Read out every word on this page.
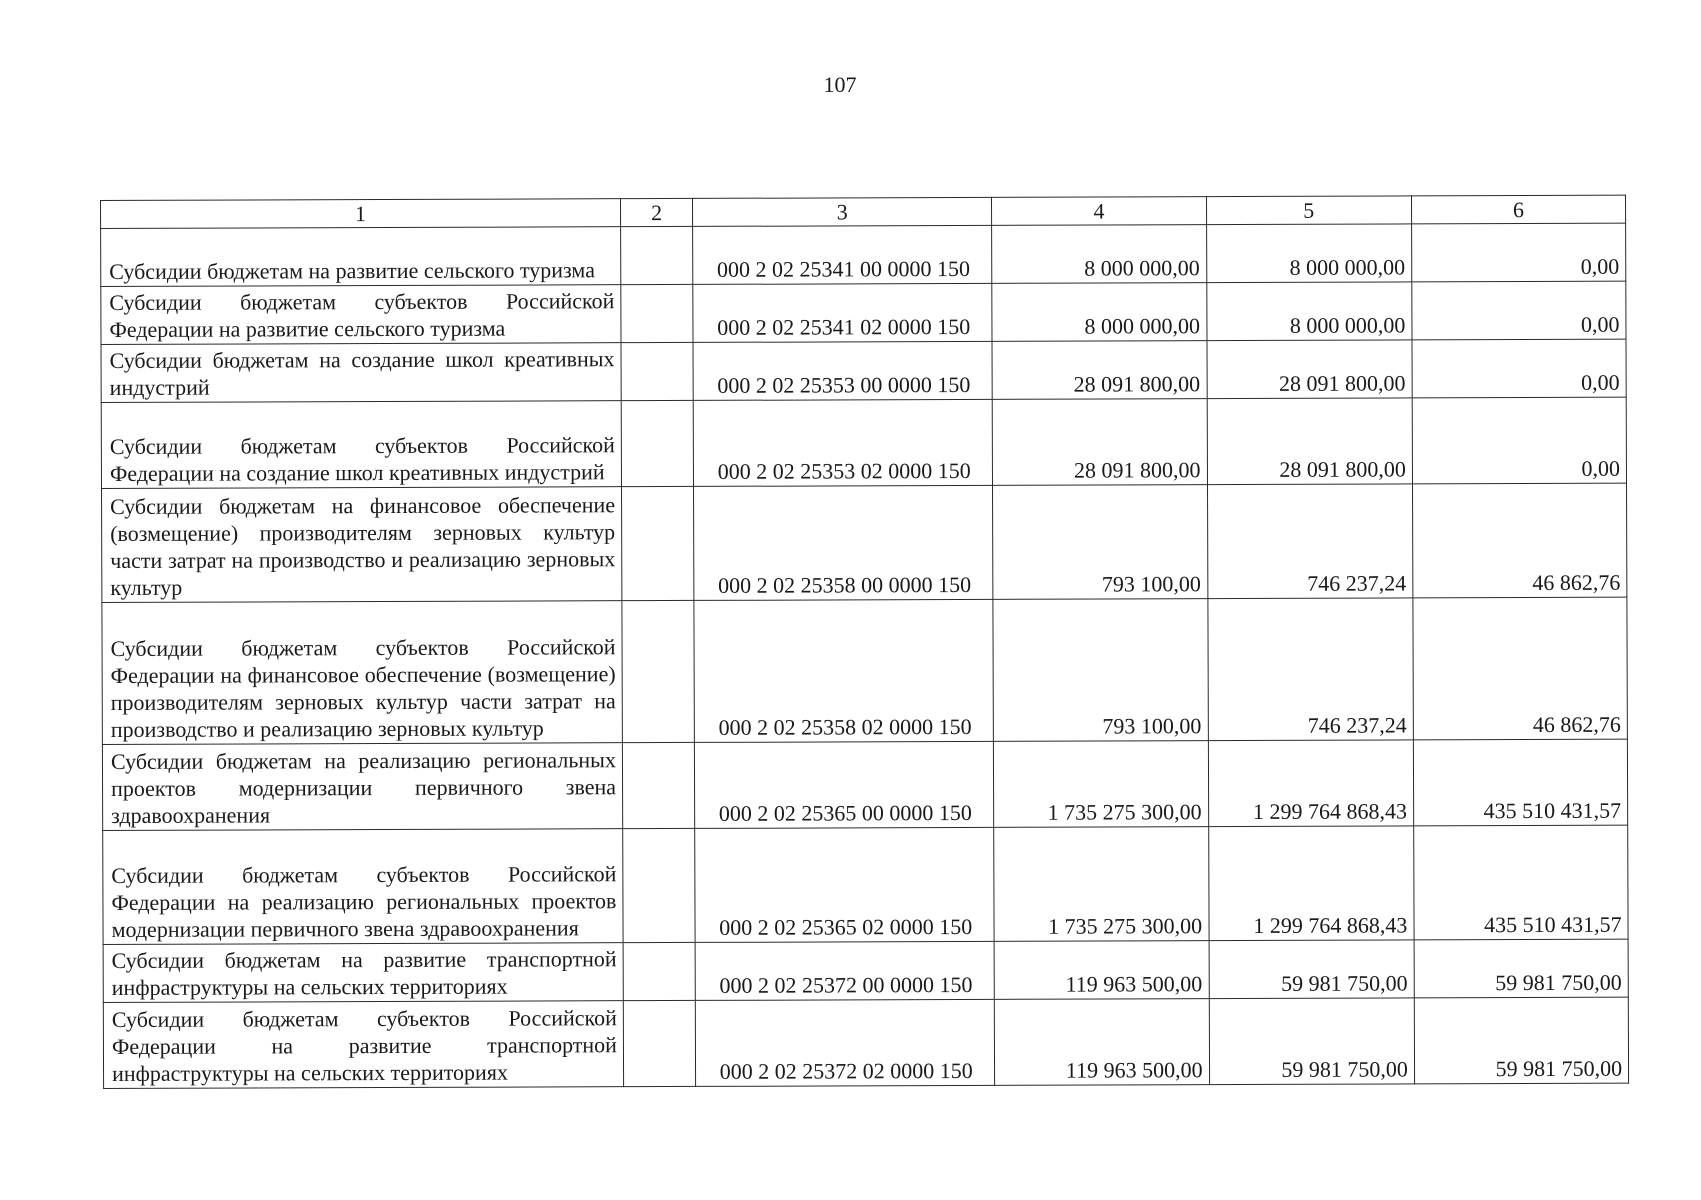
107
1	2	3	4	5	6
Субсидии бюджетам на развитие сельского туризма		000 2 02 25341 00 0000 150	8 000 000,00	8 000 000,00	0,00
Субсидии бюджетам субъектов Российской Федерации на развитие сельского туризма		000 2 02 25341 02 0000 150	8 000 000,00	8 000 000,00	0,00
Субсидии бюджетам на создание школ креативных индустрий		000 2 02 25353 00 0000 150	28 091 800,00	28 091 800,00	0,00
Субсидии бюджетам субъектов Российской Федерации на создание школ креативных индустрий		000 2 02 25353 02 0000 150	28 091 800,00	28 091 800,00	0,00
Субсидии бюджетам на финансовое обеспечение (возмещение) производителям зерновых культур части затрат на производство и реализацию зерновых культур		000 2 02 25358 00 0000 150	793 100,00	746 237,24	46 862,76
Субсидии бюджетам субъектов Российской Федерации на финансовое обеспечение (возмещение) производителям зерновых культур части затрат на производство и реализацию зерновых культур		000 2 02 25358 02 0000 150	793 100,00	746 237,24	46 862,76
Субсидии бюджетам на реализацию региональных проектов модернизации первичного звена здравоохранения		000 2 02 25365 00 0000 150	1 735 275 300,00	1 299 764 868,43	435 510 431,57
Субсидии бюджетам субъектов Российской Федерации на реализацию региональных проектов модернизации первичного звена здравоохранения		000 2 02 25365 02 0000 150	1 735 275 300,00	1 299 764 868,43	435 510 431,57
Субсидии бюджетам на развитие транспортной инфраструктуры на сельских территориях		000 2 02 25372 00 0000 150	119 963 500,00	59 981 750,00	59 981 750,00
Субсидии бюджетам субъектов Российской Федерации на развитие транспортной инфраструктуры на сельских территориях		000 2 02 25372 02 0000 150	119 963 500,00	59 981 750,00	59 981 750,00
